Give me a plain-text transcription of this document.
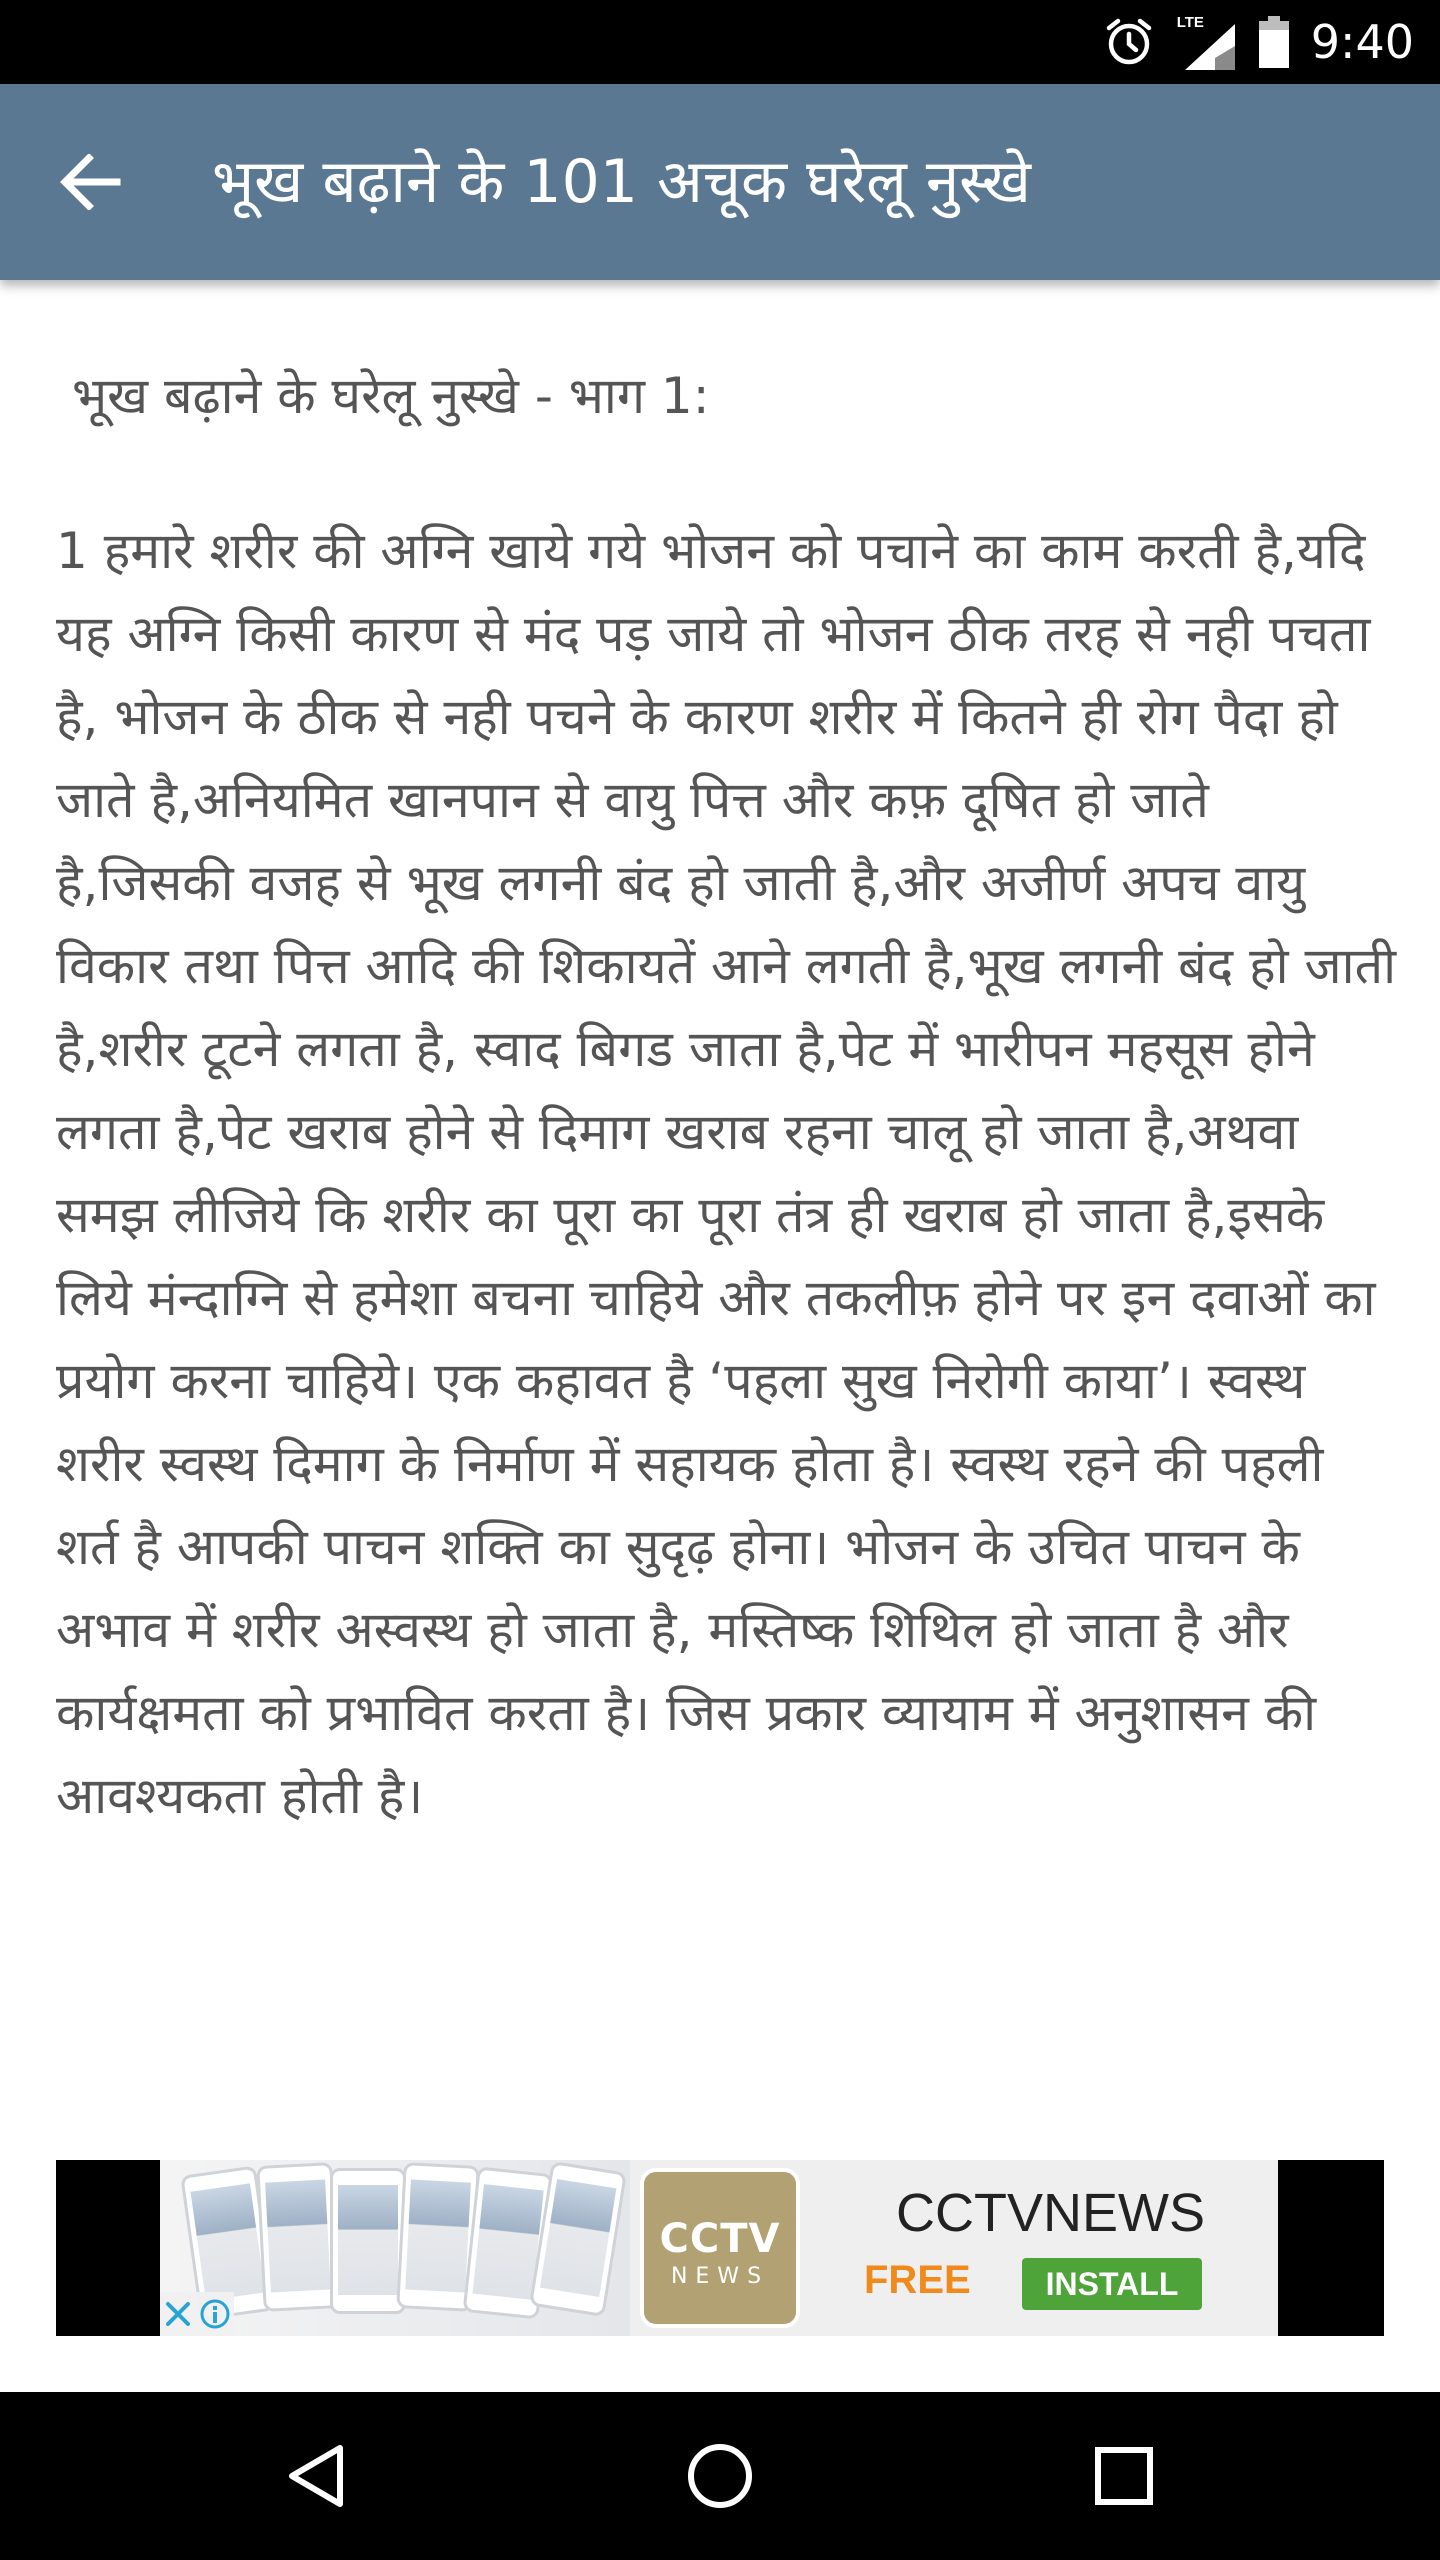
LTE 9:40
भूख बढ़ाने के 101 अचूक घरेलू नुस्खे
भूख बढ़ाने के घरेलू नुस्खे - भाग 1:
1 हमारे शरीर की अग्नि खाये गये भोजन को पचाने का काम करती है,यदि यह अग्नि किसी कारण से मंद पड़ जाये तो भोजन ठीक तरह से नही पचता है, भोजन के ठीक से नही पचने के कारण शरीर में कितने ही रोग पैदा हो जाते है,अनियमित खानपान से वायु पित्त और कफ़ दूषित हो जाते है,जिसकी वजह से भूख लगनी बंद हो जाती है,और अजीर्ण अपच वायु विकार तथा पित्त आदि की शिकायतें आने लगती है,भूख लगनी बंद हो जाती है,शरीर टूटने लगता है, स्वाद बिगड जाता है,पेट में भारीपन महसूस होने लगता है,पेट खराब होने से दिमाग खराब रहना चालू हो जाता है,अथवा समझ लीजिये कि शरीर का पूरा का पूरा तंत्र ही खराब हो जाता है,इसके लिये मंन्दाग्नि से हमेशा बचना चाहिये और तकलीफ़ होने पर इन दवाओं का प्रयोग करना चाहिये। एक कहावत है ‘पहला सुख निरोगी काया’। स्वस्थ शरीर स्वस्थ दिमाग के निर्माण में सहायक होता है। स्वस्थ रहने की पहली शर्त है आपकी पाचन शक्ति का सुदृढ़ होना। भोजन के उचित पाचन के अभाव में शरीर अस्वस्थ हो जाता है, मस्तिष्क शिथिल हो जाता है और कार्यक्षमता को प्रभावित करता है। जिस प्रकार व्यायाम में अनुशासन की आवश्यकता होती है।
CCTV
NEWS
CCTVNEWS
FREE	INSTALL
